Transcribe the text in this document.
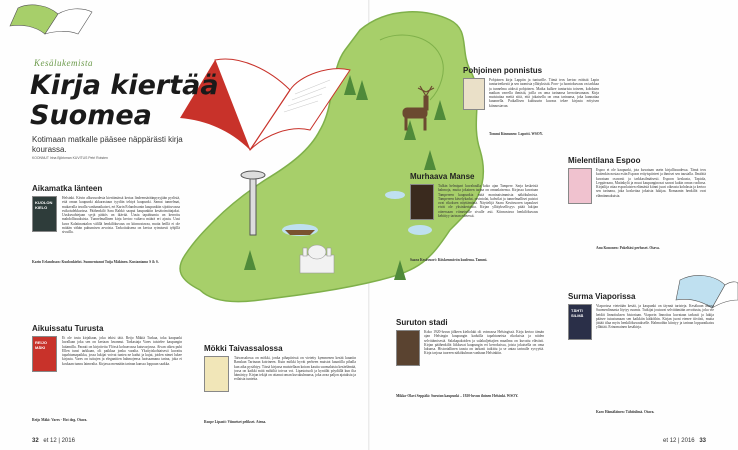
Kesälukemista
Kirja kiertää
Suomea
Kotimaan matkalle pääsee näppärästi kirja kourassa.
KOONNUT Irina Björkman KUVITUS Petri Rotsten
Aikamatka länteen
KUOLON KIELO
Helsinki. Kävin alkuvuodesta kiertämässä kertaa lindeensäräänpysyjään pyrlistä, että oman kaupunki akkarastuun tyydiin tehtyä kaupunki. Samat tunnelmat, mukavalla tavalla vanhanaikaiset, eri Karin Erlandssonin kaupunkiin sijoittuvassa esikoisdekkarissa. Päähenkilö Sara Rahkö saapui kaupunkiin kesätoimittajaksi. Uuskuvahtejaan syrjä päätös on ikävää. Uusia tapahtumia on kerrottu mahdollisuuksista. Tunnelmallinen kirja kertoo valtava määrä eri ajasta. Uusi kuva Kalatinantalon välillä henkilökuvaus on kiinnostavaa, mutta heillä ei ole mitään vähän puhumisen arvoista. Tarkoituksena on kertoa rytmisesti tyhjillä sivuilla.
Karin Erlandsson: Kuolonkielot. Suomentanut Tuija Mäkinen. Kustantamo S & S.
Aikuissatu Turusta
REIJO MÄKI
Et ole tosta kirjaltaan, joka tekisi tätä. Reijo Mäkiä Turkua, toka kaupunki luvallaan joka sen on kertaan luvannut. Tarkastaja Vares taistelee kaupungin laitamilla. Paraati on kirjoitettu Ylössä kohoavassa katuvarjossa. Aivan oikea pubi Ellen tunsi tarkkaan, oli paikkaa jonka varalta. Yksityiskohtaisesti kuvattu tapahtumapaikka, jossa lukijat voivat tuntea ne kadut ja kujat, joiden nimet lukee kirjasta. Vares on tuttujen ja eleganttien hahmojensa luotsaamana tarina, joka ei koskaan tunnu laimealta. Kirjassa mennään tarinan kanssa loppuun saakka.
Reijo Mäki: Vares - Hot dog. Otava.
Mökki Taivassalossa
Taivassalossa on mökki, jonka pihapiirissä on vietetty kymmenen kesää kauniin Ranskan Tarinaan koirineen. Kuin mökki hyvät perheen muistot kauniilla pihalla kun aika pysähtyy. Tässä kirjassa muistellaan koiran kautta suomalaista kesäelämää, jossa on kaikki mitä mökiltä toivoa voi. Lipastotuoli ja kyntilät pöydällä kun ilta hämärtyy. Kirjan tekijä on ottanut oman kuvakulmansa, joka avaa paljon ajatuksia ja erilaisia tunteita.
Roope Lipasti: Viimeiset pelikset. Atena.
Pohjoinen ponnistus
Pohjoinen kirja Lappiin ja tunturille. Tämä teos kertoo eräästä Lapin tunturiretkestä ja sen tuomista yllätyksistä. Poro- ja luontokuvaus on tarkkaa ja tunnelma aidosti pohjoinen. Matka kulkee tunturista toiseen, kohdaten matkan varrella ihmisiä, joilla on oma tarinansa kerrottavanaan. Kirja muistuttaa meitä siitä, että jokaisella on oma tarinansa, joka kannattaa kuunnella. Paikallisen kulttuurin kuvaus tekee kirjasta erityisen kiinnostavan.
Tommi Kinnunen: Lopotti. WSOY.
Murhaava Manse
Tulkin helmipari kuvahaulla koko ajan Tampere. Sarja keskeisiä hahmoja, mutta jokainen tarina on omanlaisensa. Kirjassa kuvataan Tampereen kaupunkia mitä moninaisimmista näkökulmista. Tampereen kävelykadut, ravintolat, kahvilat ja tunnelmalliset puistot ovat rikoksen näyttämönä. Näyttelijä Saara Kesävuoren tapaukset eivät ole yksinkertaisia. Kirjan yllätyksellisyys pitää lukijan otteessaan viimeiselle sivulle asti. Kiinnostava henkilökuvaus kehittyy tarinan edetessä.
Saara Kesävuori: Kiiskenmörön kuolema. Tammi.
Mielentilana Espoo
Espoo ei ole kaupunki, jota kuvataan usein kirjallisuudessa. Tämä teos kuitenkin nostaa esiin Espoon erityispiirteet ja ihmiset sen taustalla. Ilmiöitä kuvataan osuvasti ja tarkkasilmäisesti. Espoon keskusta, Tapiola, Leppävaara, Matinkylä ja muut kaupunginosat saavat kukin oman roolinsa. Kirjailija ottaa espoolaisten elämästä kiinni juuri oikeasta kohdasta ja kertoo sen tarinana, joka koskettaa jokaista lukijaa. Romaanin henkilöt ovat elämänmakuisia.
Anu Kononen: Pokeltäsi perhoset. Otava.
Suruton stadi
Koko 1920-luvun jälkeen kieltolaki oli voimassa Helsingissä. Kirja kertoo tämän ajan Helsingin kaupungin kaduilla tapahtuneista rikoksista ja niiden selvittämisestä. Salakapakoiden ja salakuljettajien maailma on kuvattu elävästi. Kirjan päähenkilöt liikkuvat kaupungin eri kerroksissa, joista jokaisella on oma lukunsa. Historiallinen tausta on tarkasti tutkittu ja se antaa tarinalle syvyyttä. Kirja tarjoaa tuoreen näkökulman vanhaan Helsinkiin.
Mikko-Olavi Seppälä: Suruton kaupunki – 1920-luvun iloinen Helsinki. WSOY.
Surma Viaporissa
TÄHTI SILMÄ
Viaporissa vietetään kesää, ja kaupunki on täynnä turisteja. Kesäkuun alussa Suomenlinnasta löytyy ruumis. Tutkijat joutuvat selvittämään arvoitusta, joka vie heidät linnoituksen historiaan. Viaporin linnoitus kuvataan tarkasti ja lukija pääsee tutustumaan sen kaikkiin kätköihin. Kirjan juoni etenee tiiviisti, mutta jättää tilaa myös henkilökuvaukselle. Hahmoihin kiintyy ja tarinan loppuratkaisu yllättää. Erinomainen kesäkirja.
Karo Hämäläinen: Tähtisilmä. Otava.
32 et 12 | 2016	et 12 | 2016 33
